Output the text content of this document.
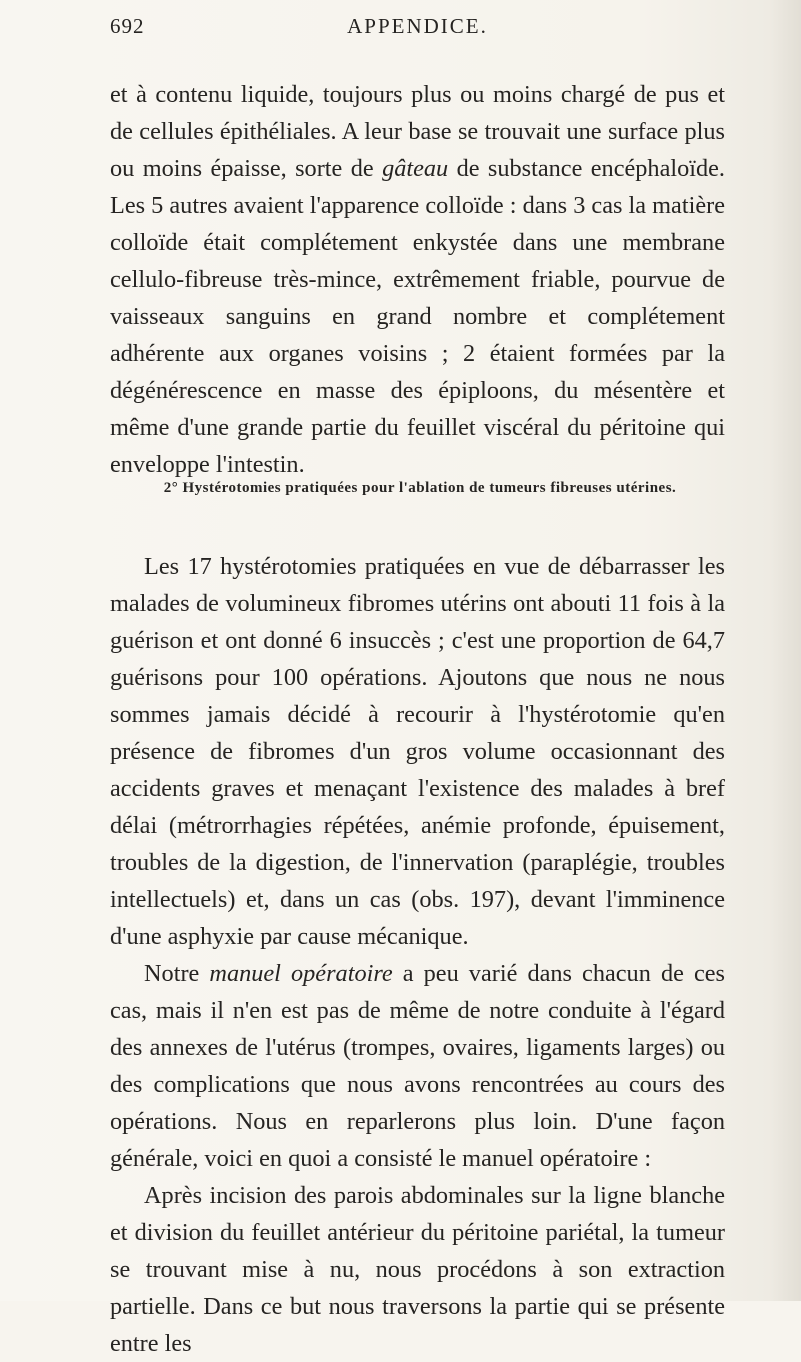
692	APPENDICE.

et à contenu liquide, toujours plus ou moins chargé de pus et de cellules épithéliales. A leur base se trouvait une surface plus ou moins épaisse, sorte de gâteau de substance encéphaloïde. Les 5 autres avaient l'apparence colloïde : dans 3 cas la matière colloïde était complétement enkystée dans une membrane cellulo-fibreuse très-mince, extrêmement friable, pourvue de vaisseaux sanguins en grand nombre et complétement adhérente aux organes voisins ; 2 étaient formées par la dégénérescence en masse des épiploons, du mésentère et même d'une grande partie du feuillet viscéral du péritoine qui enveloppe l'intestin.

2° Hystérotomies pratiquées pour l'ablation de tumeurs fibreuses utérines.

Les 17 hystérotomies pratiquées en vue de débarrasser les malades de volumineux fibromes utérins ont abouti 11 fois à la guérison et ont donné 6 insuccès ; c'est une proportion de 64,7 guérisons pour 100 opérations. Ajoutons que nous ne nous sommes jamais décidé à recourir à l'hystérotomie qu'en présence de fibromes d'un gros volume occasionnant des accidents graves et menaçant l'existence des malades à bref délai (métrorrhagies répétées, anémie profonde, épuisement, troubles de la digestion, de l'innervation (paraplégie, troubles intellectuels) et, dans un cas (obs. 197), devant l'imminence d'une asphyxie par cause mécanique.

Notre manuel opératoire a peu varié dans chacun de ces cas, mais il n'en est pas de même de notre conduite à l'égard des annexes de l'utérus (trompes, ovaires, ligaments larges) ou des complications que nous avons rencontrées au cours des opérations. Nous en reparlerons plus loin. D'une façon générale, voici en quoi a consisté le manuel opératoire :

Après incision des parois abdominales sur la ligne blanche et division du feuillet antérieur du péritoine pariétal, la tumeur se trouvant mise à nu, nous procédons à son extraction partielle. Dans ce but nous traversons la partie qui se présente entre les
